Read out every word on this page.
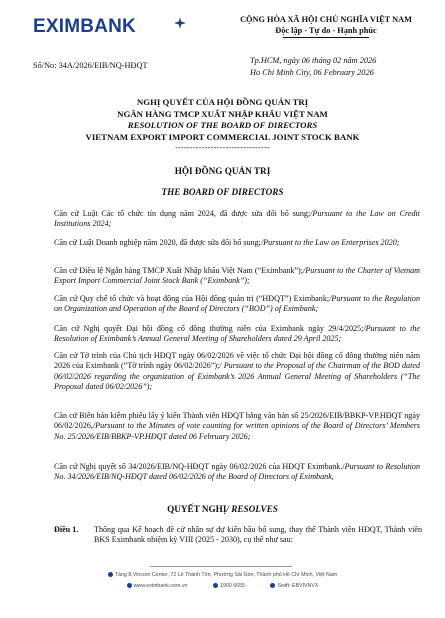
EXIMBANK	CỘNG HÒA XÃ HỘI CHỦ NGHĨA VIỆT NAM
Độc lập - Tự do - Hạnh phúc
Số/No: 34A/2026/EIB/NQ-HĐQT
Tp.HCM, ngày 06 tháng 02 năm 2026
Ho Chi Minh City, 06 February 2026
NGHỊ QUYẾT CỦA HỘI ĐỒNG QUẢN TRỊ
NGÂN HÀNG TMCP XUẤT NHẬP KHẨU VIỆT NAM
RESOLUTION OF THE BOARD OF DIRECTORS
VIETNAM EXPORT IMPORT COMMERCIAL JOINT STOCK BANK
--------------------------------
HỘI ĐỒNG QUẢN TRỊ
THE BOARD OF DIRECTORS

Căn cứ Luật Các tổ chức tín dụng năm 2024, đã được sửa đổi bổ sung;/Pursuant to the Law on Credit Institutions 2024;

Căn cứ Luật Doanh nghiệp năm 2020, đã được sửa đổi bổ sung;/Pursuant to the Law on Enterprises 2020;

Căn cứ Điều lệ Ngân hàng TMCP Xuất Nhập khẩu Việt Nam (“Eximbank”);/Pursuant to the Charter of Vietnam Export Import Commercial Joint Stock Bank (“Eximbank”);

Căn cứ Quy chế tổ chức và hoạt động của Hội đồng quản trị (“HĐQT”) Eximbank;/Pursuant to the Regulation on Organization and Operation of the Board of Directors (“BOD”) of Eximbank;

Căn cứ Nghị quyết Đại hội đồng cổ đông thường niên của Eximbank ngày 29/4/2025;/Pursuant to the Resolution of Eximbank’s Annual General Meeting of Shareholders dated 29 April 2025;

Căn cứ Tờ trình của Chủ tịch HĐQT ngày 06/02/2026 về việc tổ chức Đại hội đồng cổ đông thường niên năm 2026 của Eximbank (“Tờ trình ngày 06/02/2026”);/ Pursuant to the Proposal of the Chairman of the BOD dated 06/02/2026 regarding the organization of Eximbank’s 2026 Annual General Meeting of Shareholders (“The Proposal dated 06/02/2026”);

Căn cứ Biên bản kiểm phiếu lấy ý kiến Thành viên HĐQT bằng văn bản số 25/2026/EIB/BBKP-VP.HĐQT ngày 06/02/2026,/Pursuant to the Minutes of vote counting for written opinions of the Board of Directors’ Members No. 25/2026/EIB/BBKP-VP.HĐQT dated 06 February 2026;

Căn cứ Nghị quyết số 34/2026/EIB/NQ-HĐQT ngày 06/02/2026 của HĐQT Eximbank./Pursuant to Resolution No. 34/2026/EIB/NQ-HĐQT dated 06/02/2026 of the Board of Directors of Eximbank,

QUYẾT NGHỊ/ RESOLVES
Điều 1. Thông qua Kế hoạch đề cử nhân sự dự kiến bầu bổ sung, thay thế Thành viên HĐQT, Thành viên BKS Eximbank nhiệm kỳ VIII (2025 - 2030), cụ thể như sau:
Tầng 8,Vincom Center, 72 Lê Thánh Tôn, Phường Sài Gòn, Thành phố Hồ Chí Minh, Việt Nam
www.eximbank.com.vn	1900 6655	Swift: EBVIVNVX
